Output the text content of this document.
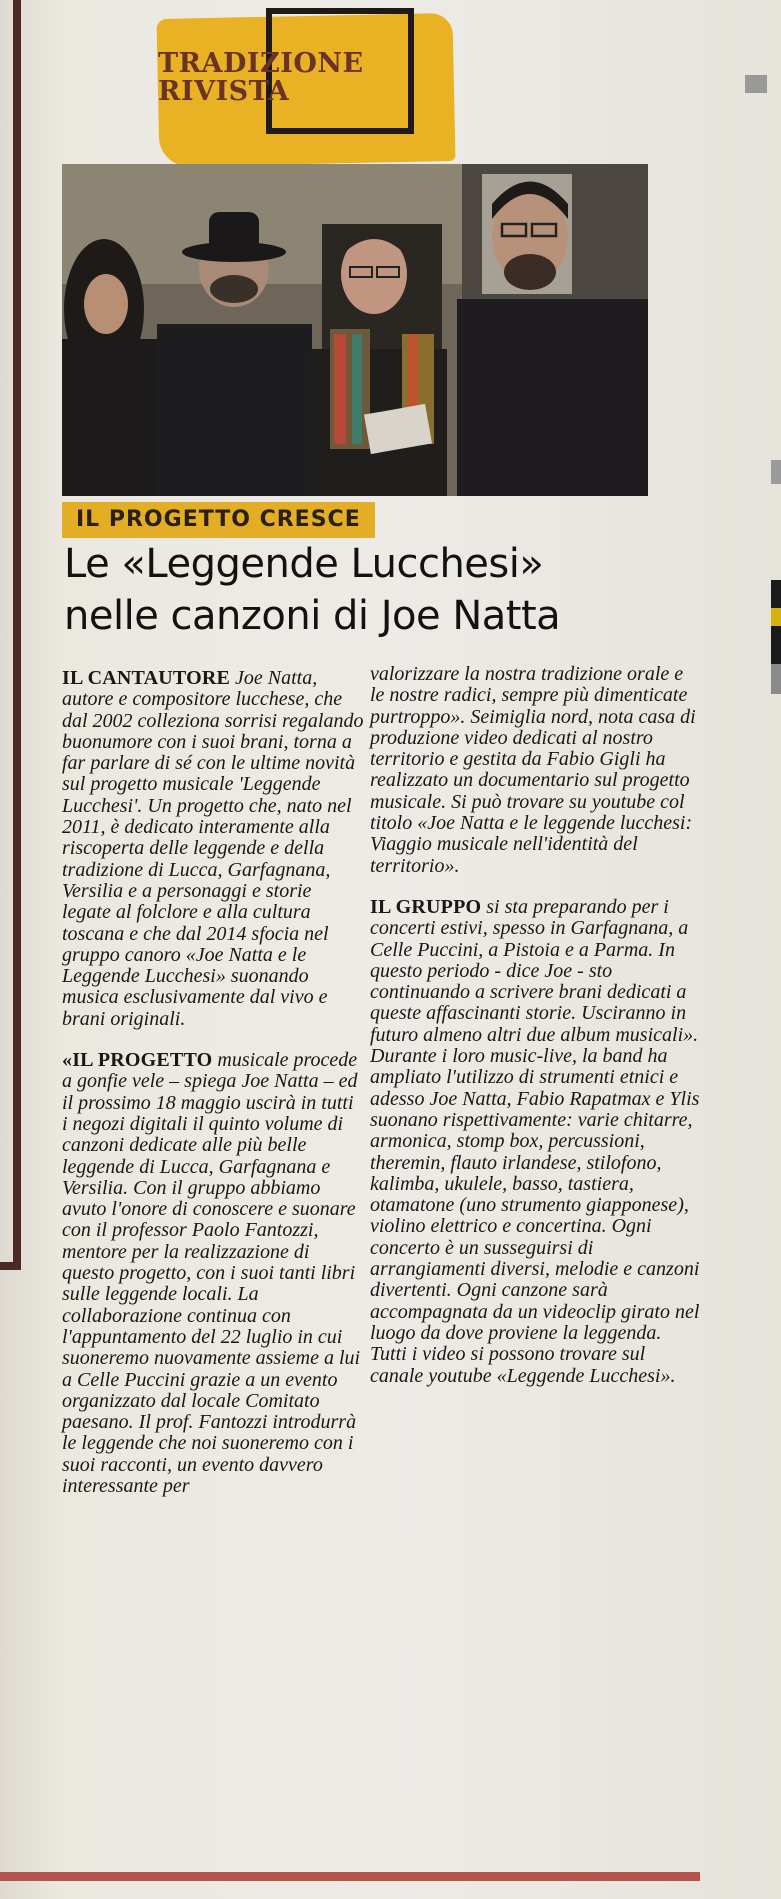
TRADIZIONE
RIVISTA
IL PROGETTO CRESCE
Le «Leggende Lucchesi»
nelle canzoni di Joe Natta

IL CANTAUTORE Joe Natta, autore e compositore lucchese, che dal 2002 colleziona sorrisi regalando buonumore con i suoi brani, torna a far parlare di sé con le ultime novità sul progetto musicale 'Leggende Lucchesi'. Un progetto che, nato nel 2011, è dedicato interamente alla riscoperta delle leggende e della tradizione di Lucca, Garfagnana, Versilia e a personaggi e storie legate al folclore e alla cultura toscana e che dal 2014 sfocia nel gruppo canoro «Joe Natta e le Leggende Lucchesi» suonando musica esclusivamente dal vivo e brani originali.

«IL PROGETTO musicale procede a gonfie vele – spiega Joe Natta – ed il prossimo 18 maggio uscirà in tutti i negozi digitali il quinto volume di canzoni dedicate alle più belle leggende di Lucca, Garfagnana e Versilia. Con il gruppo abbiamo avuto l'onore di conoscere e suonare con il professor Paolo Fantozzi, mentore per la realizzazione di questo progetto, con i suoi tanti libri sulle leggende locali. La collaborazione continua con l'appuntamento del 22 luglio in cui suoneremo nuovamente assieme a lui a Celle Puccini grazie a un evento organizzato dal locale Comitato paesano. Il prof. Fantozzi introdurrà le leggende che noi suoneremo con i suoi racconti, un evento davvero interessante per

valorizzare la nostra tradizione orale e le nostre radici, sempre più dimenticate purtroppo». Seimiglia nord, nota casa di produzione video dedicati al nostro territorio e gestita da Fabio Gigli ha realizzato un documentario sul progetto musicale. Si può trovare su youtube col titolo «Joe Natta e le leggende lucchesi: Viaggio musicale nell'identità del territorio».

IL GRUPPO si sta preparando per i concerti estivi, spesso in Garfagnana, a Celle Puccini, a Pistoia e a Parma. In questo periodo - dice Joe - sto continuando a scrivere brani dedicati a queste affascinanti storie. Usciranno in futuro almeno altri due album musicali». Durante i loro music-live, la band ha ampliato l'utilizzo di strumenti etnici e adesso Joe Natta, Fabio Rapatmax e Ylis suonano rispettivamente: varie chitarre, armonica, stomp box, percussioni, theremin, flauto irlandese, stilofono, kalimba, ukulele, basso, tastiera, otamatone (uno strumento giapponese), violino elettrico e concertina. Ogni concerto è un susseguirsi di arrangiamenti diversi, melodie e canzoni divertenti. Ogni canzone sarà accompagnata da un videoclip girato nel luogo da dove proviene la leggenda. Tutti i video si possono trovare sul canale youtube «Leggende Lucchesi».
